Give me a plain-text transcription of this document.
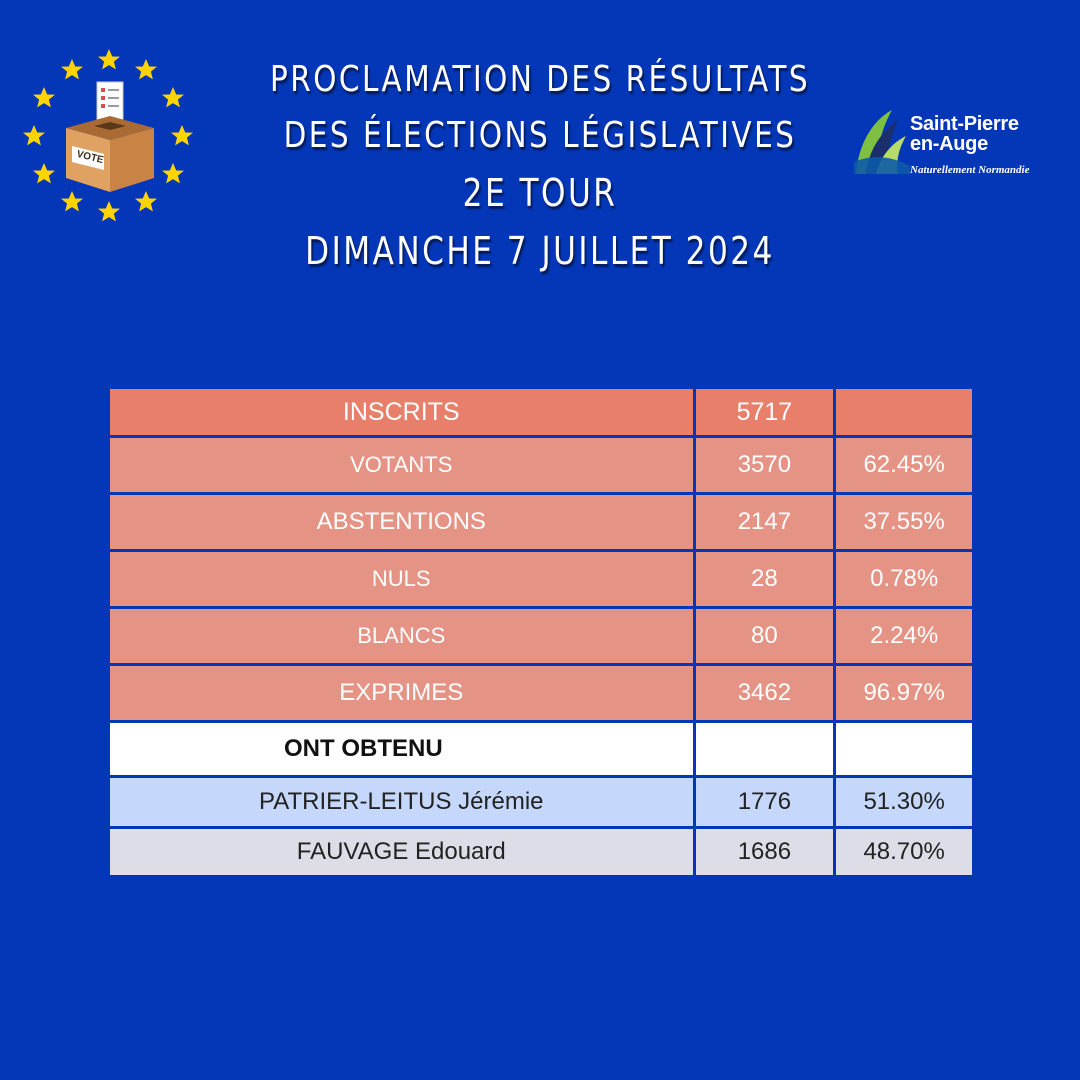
VOTE
PROCLAMATION DES RÉSULTATS
DES ÉLECTIONS LÉGISLATIVES
2E TOUR
DIMANCHE 7 JUILLET 2024
Saint-Pierre
en-Auge
Naturellement Normandie
INSCRITS	5717	
VOTANTS	3570	62.45%
ABSTENTIONS	2147	37.55%
NULS	28	0.78%
BLANCS	80	2.24%
EXPRIMES	3462	96.97%
ONT OBTENU		
PATRIER-LEITUS Jérémie	1776	51.30%
FAUVAGE Edouard	1686	48.70%
